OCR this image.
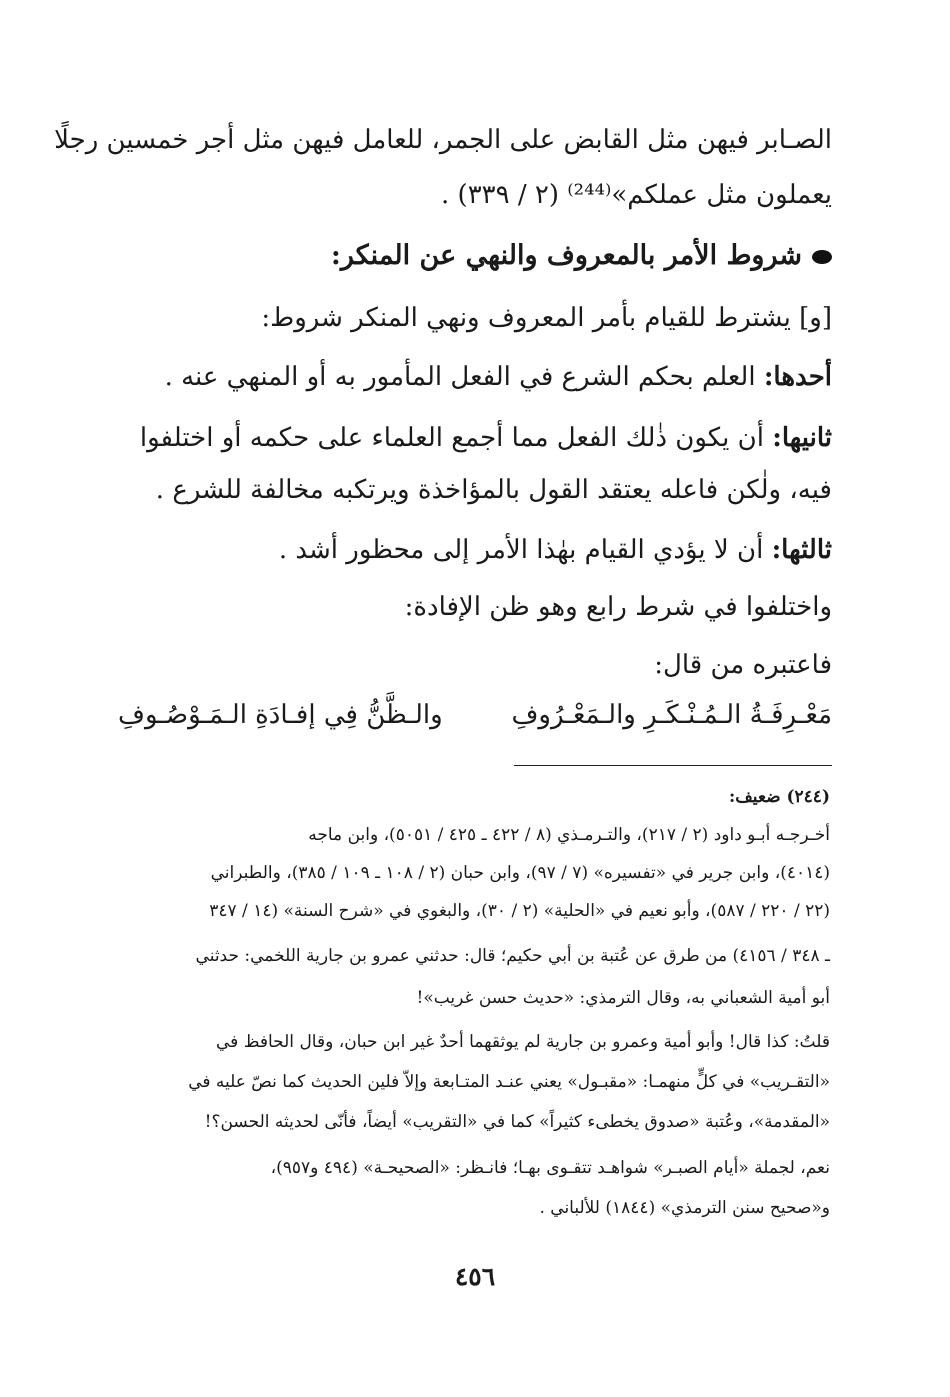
الصـابر فيهن مثل القابض على الجمر، للعامل فيهن مثل أجر خمسين رجلًا
يعملون مثل عملكم»⁽²⁴⁴⁾ (٢ / ٣٣٩) .
شروط الأمر بالمعروف والنهي عن المنكر:
[و] يشترط للقيام بأمر المعروف ونهي المنكر شروط:
أحدها: العلم بحكم الشرع في الفعل المأمور به أو المنهي عنه .
ثانيها: أن يكون ذٰلك الفعل مما أجمع العلماء على حكمه أو اختلفوا
فيه، ولٰكن فاعله يعتقد القول بالمؤاخذة ويرتكبه مخالفة للشرع .
ثالثها: أن لا يؤدي القيام بهٰذا الأمر إلى محظور أشد .
واختلفوا في شرط رابع وهو ظن الإفادة:
فاعتبره من قال:
مَعْـرِفَـةُ الـمُـنْـكَـرِ والـمَعْـرُوفِ
والـظَّنُّ فِي إفـادَةِ الـمَـوْصُـوفِ
(٢٤٤) ضعيف:
أخـرجـه أبـو داود (٢ / ٢١٧)، والتـرمـذي (٨ / ٤٢٢ ـ ٤٢٥ / ٥٠٥١)، وابن ماجه
(٤٠١٤)، وابن جرير في «تفسيره» (٧ / ٩٧)، وابن حبان (٢ / ١٠٨ ـ ١٠٩ / ٣٨٥)، والطبراني
(٢٢ / ٢٢٠ / ٥٨٧)، وأبو نعيم في «الحلية» (٢ / ٣٠)، والبغوي في «شرح السنة» (١٤ / ٣٤٧
ـ ٣٤٨ / ٤١٥٦) من طرق عن عُتبة بن أبي حكيم؛ قال: حدثني عمرو بن جارية اللخمي: حدثني
أبو أمية الشعباني به، وقال الترمذي: «حديث حسن غريب»!
قلتُ: كذا قال! وأبو أمية وعمرو بن جارية لم يوثقهما أحدٌ غير ابن حبان، وقال الحافظ في
«التقـريب» في كلٍّ منهمـا: «مقبـول» يعني عنـد المتـابعة وإلاّ فلين الحديث كما نصّ عليه في
«المقدمة»، وعُتبة «صدوق يخطىء كثيراً» كما في «التقريب» أيضاً، فأنّى لحديثه الحسن؟!
نعم، لجملة «أيام الصبـر» شواهـد تتقـوى بهـا؛ فانـظر: «الصحيحـة» (٤٩٤ و٩٥٧)،
و«صحيح سنن الترمذي» (١٨٤٤) للألباني .
٤٥٦
